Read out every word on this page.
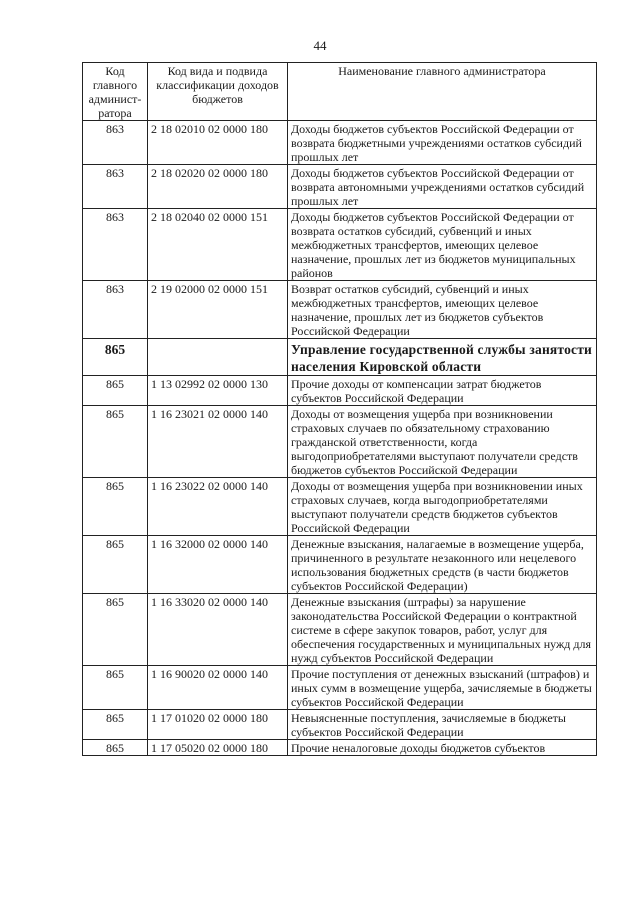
44
Код главного админист-ратора	Код вида и подвида классификации доходов бюджетов	Наименование главного администратора
863	2 18 02010 02 0000 180	Доходы бюджетов субъектов Российской Федерации от возврата бюджетными учреждениями остатков субсидий прошлых лет
863	2 18 02020 02 0000 180	Доходы бюджетов субъектов Российской Федерации от возврата автономными учреждениями остатков субсидий прошлых лет
863	2 18 02040 02 0000 151	Доходы бюджетов субъектов Российской Федерации от возврата остатков субсидий, субвенций и иных межбюджетных трансфертов, имеющих целевое назначение, прошлых лет из бюджетов муниципальных районов
863	2 19 02000 02 0000 151	Возврат остатков субсидий, субвенций и иных межбюджетных трансфертов, имеющих целевое назначение, прошлых лет из бюджетов субъектов Российской Федерации
865		Управление государственной службы занятости населения Кировской области
865	1 13 02992 02 0000 130	Прочие доходы от компенсации затрат бюджетов субъектов Российской Федерации
865	1 16 23021 02 0000 140	Доходы от возмещения ущерба при возникновении страховых случаев по обязательному страхованию гражданской ответственности, когда выгодоприобретателями выступают получатели средств бюджетов субъектов Российской Федерации
865	1 16 23022 02 0000 140	Доходы от возмещения ущерба при возникновении иных страховых случаев, когда выгодоприобретателями выступают получатели средств бюджетов субъектов Российской Федерации
865	1 16 32000 02 0000 140	Денежные взыскания, налагаемые в возмещение ущерба, причиненного в результате незаконного или нецелевого использования бюджетных средств (в части бюджетов субъектов Российской Федерации)
865	1 16 33020 02 0000 140	Денежные взыскания (штрафы) за нарушение законодательства Российской Федерации о контрактной системе в сфере закупок товаров, работ, услуг для обеспечения государственных и муниципальных нужд для нужд субъектов Российской Федерации
865	1 16 90020 02 0000 140	Прочие поступления от денежных взысканий (штрафов) и иных сумм в возмещение ущерба, зачисляемые в бюджеты субъектов Российской Федерации
865	1 17 01020 02 0000 180	Невыясненные поступления, зачисляемые в бюджеты субъектов Российской Федерации
865	1 17 05020 02 0000 180	Прочие неналоговые доходы бюджетов субъектов
